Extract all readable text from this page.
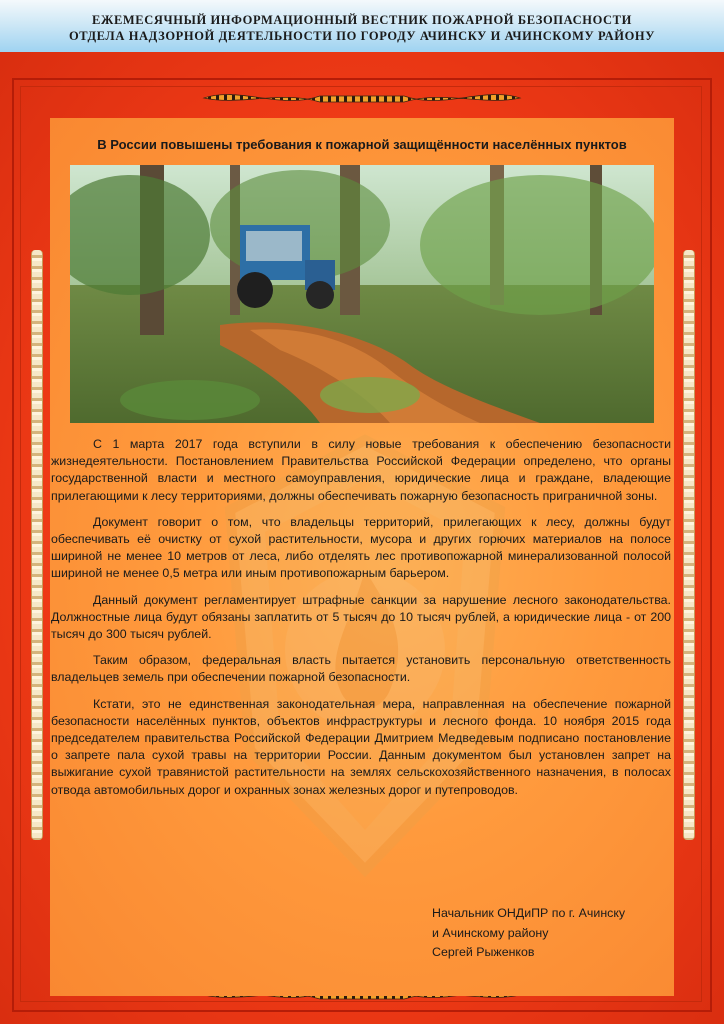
ЕЖЕМЕСЯЧНЫЙ ИНФОРМАЦИОННЫЙ ВЕСТНИК ПОЖАРНОЙ БЕЗОПАСНОСТИ
ОТДЕЛА НАДЗОРНОЙ ДЕЯТЕЛЬНОСТИ ПО ГОРОДУ АЧИНСКУ И АЧИНСКОМУ РАЙОНУ
В России повышены требования к пожарной защищённости населённых пунктов

С 1 марта 2017 года вступили в силу новые требования к обеспечению безопасности жизнедеятельности. Постановлением Правительства Российской Федерации определено, что органы государственной власти и местного самоуправления, юридические лица и граждане, владеющие прилегающими к лесу территориями, должны обеспечивать пожарную безопасность приграничной зоны.

Документ говорит о том, что владельцы территорий, прилегающих к лесу, должны будут обеспечивать её очистку от сухой растительности, мусора и других горючих материалов на полосе шириной не менее 10 метров от леса, либо отделять лес противопожарной минерализованной полосой шириной не менее 0,5 метра или иным противопожарным барьером.

Данный документ регламентирует штрафные санкции за нарушение лесного законодательства. Должностные лица будут обязаны заплатить от 5 тысяч до 10 тысяч рублей, а юридические лица - от 200 тысяч до 300 тысяч рублей.

Таким образом, федеральная власть пытается установить персональную ответственность владельцев земель при обеспечении пожарной безопасности.

Кстати, это не единственная законодательная мера, направленная на обеспечение пожарной безопасности населённых пунктов, объектов инфраструктуры и лесного фонда. 10 ноября 2015 года председателем правительства Российской Федерации Дмитрием Медведевым подписано постановление о запрете пала сухой травы на территории России. Данным документом был установлен запрет на выжигание сухой травянистой растительности на землях сельскохозяйственного назначения, в полосах отвода автомобильных дорог и охранных зонах железных дорог и путепроводов.

Начальник ОНДиПР по г. Ачинску
и Ачинскому району
Сергей Рыженков
